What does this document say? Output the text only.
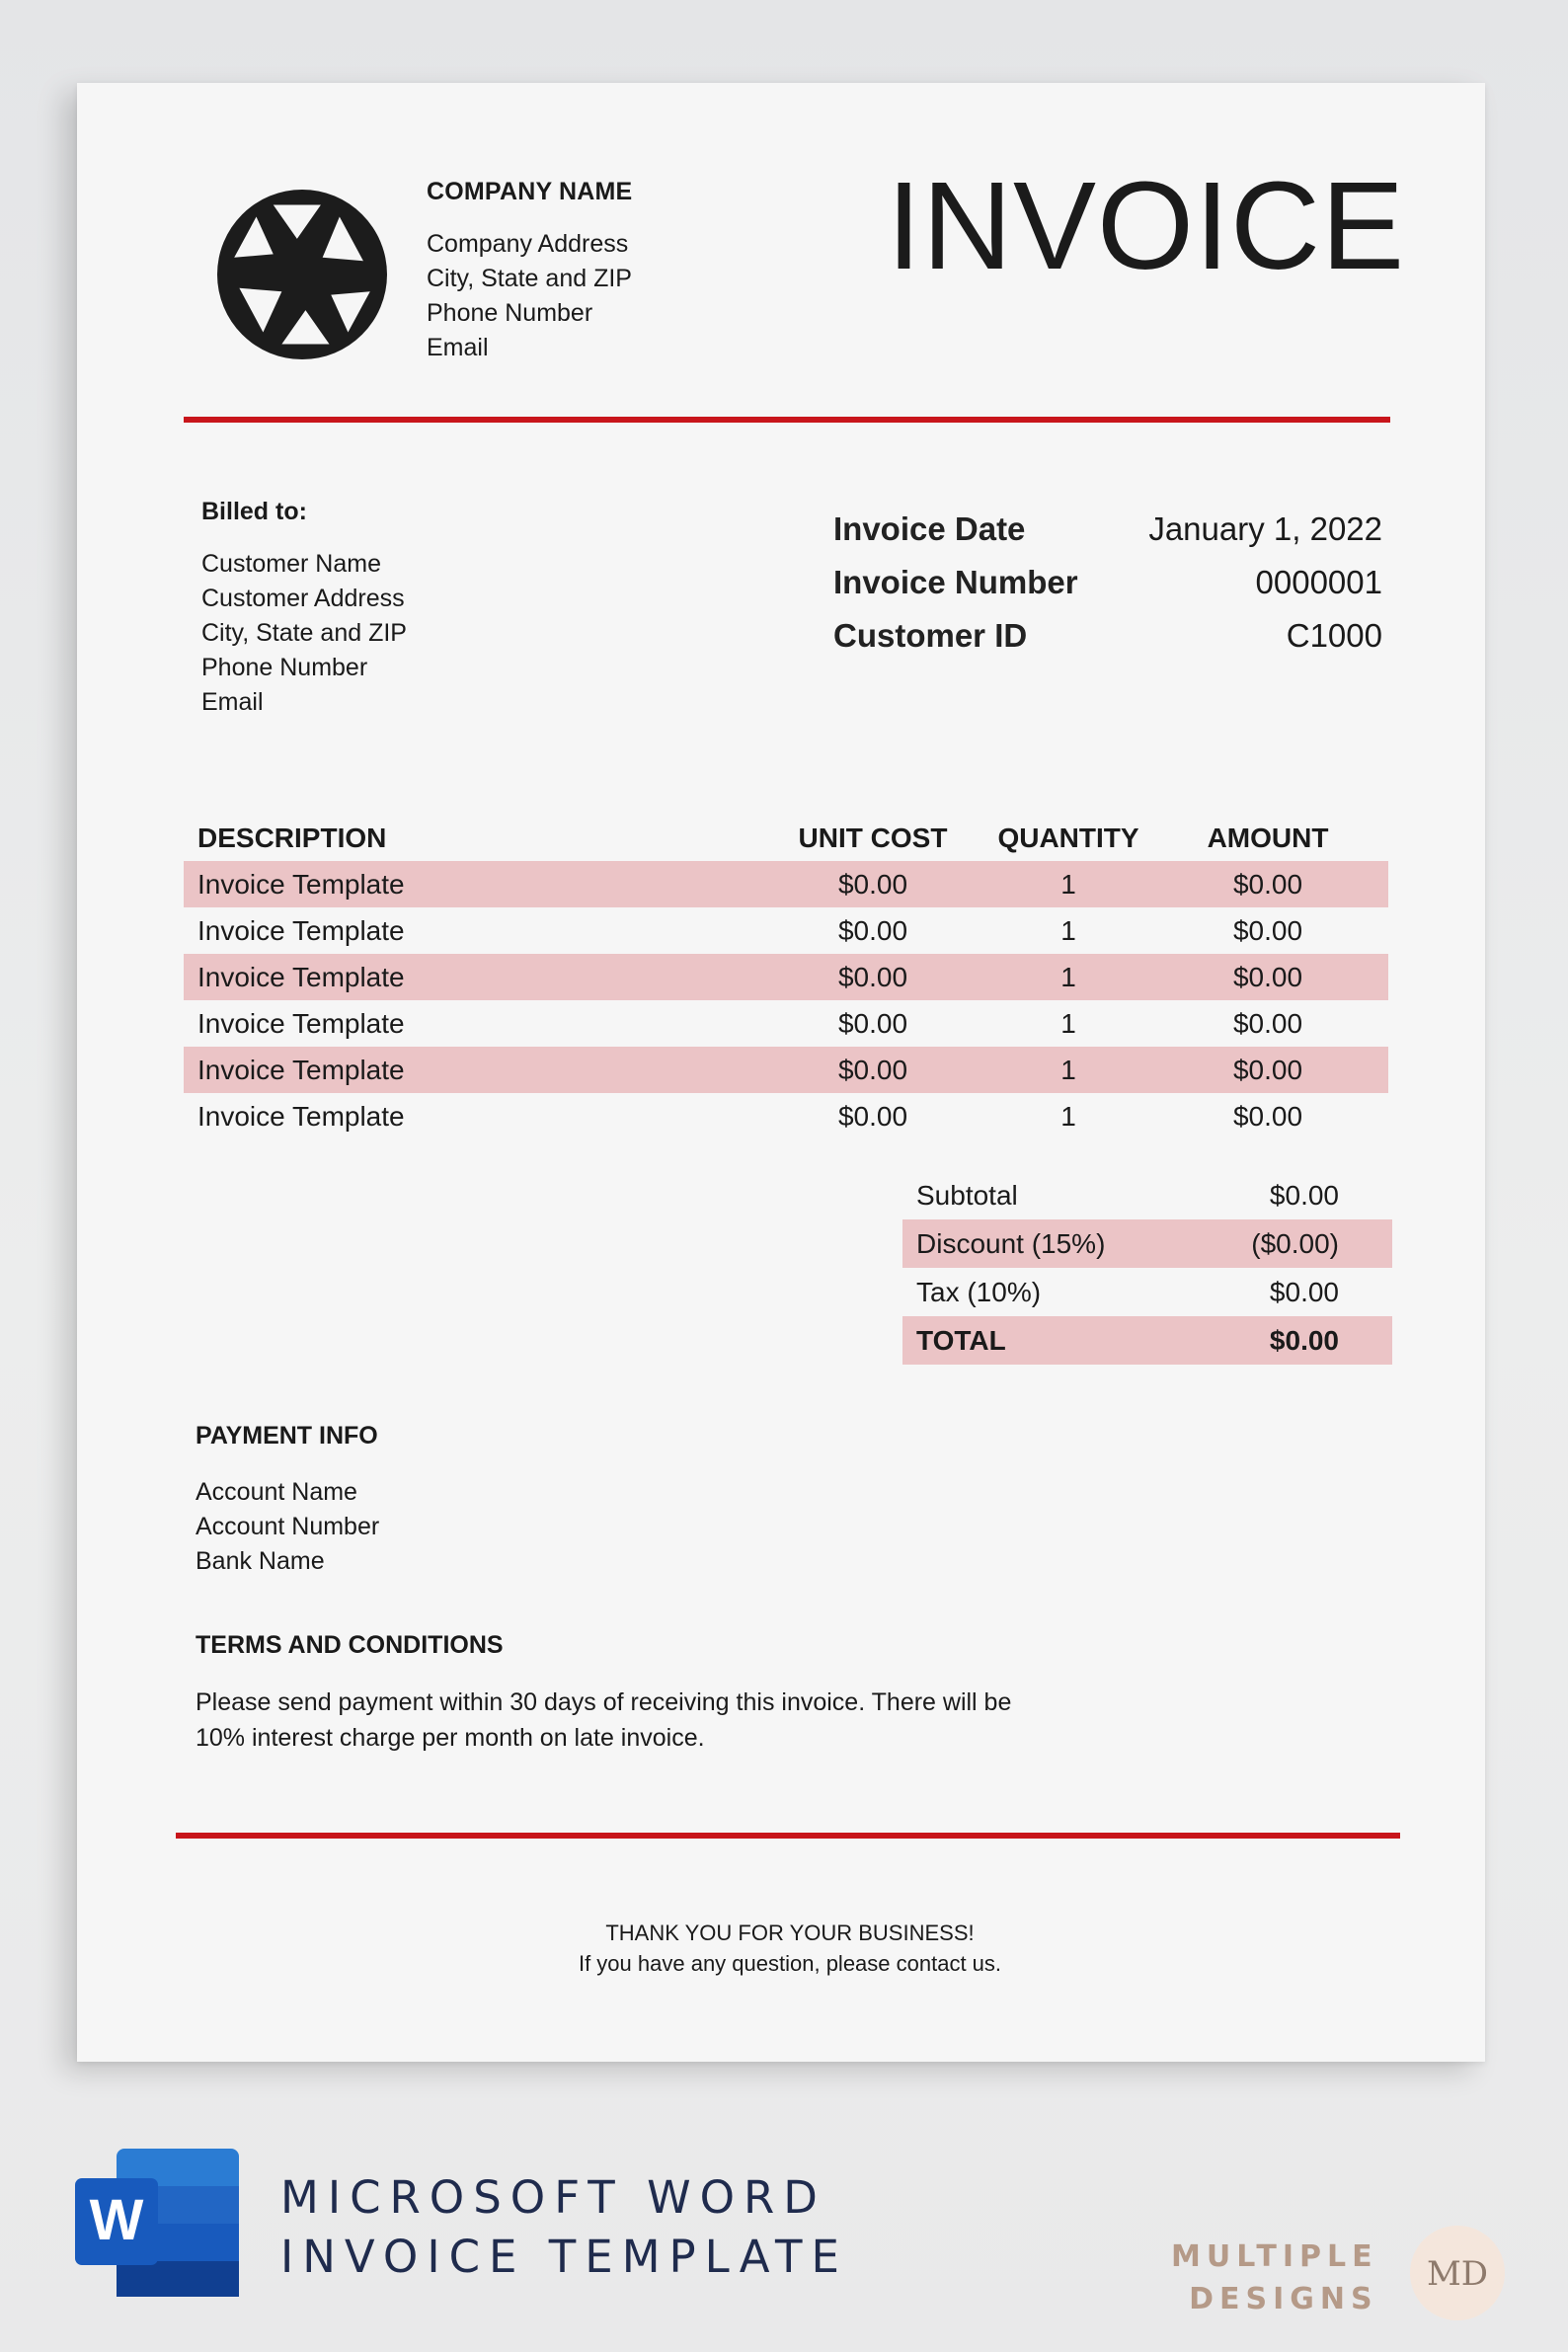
COMPANY NAME
Company Address
City, State and ZIP
Phone Number
Email
INVOICE
Billed to:
Customer Name
Customer Address
City, State and ZIP
Phone Number
Email
Invoice Date	January 1, 2022
Invoice Number	0000001
Customer ID	C1000
DESCRIPTION	UNIT COST	QUANTITY	AMOUNT
Invoice Template	$0.00	1	$0.00
Invoice Template	$0.00	1	$0.00
Invoice Template	$0.00	1	$0.00
Invoice Template	$0.00	1	$0.00
Invoice Template	$0.00	1	$0.00
Invoice Template	$0.00	1	$0.00
Subtotal	$0.00
Discount (15%)	($0.00)
Tax (10%)	$0.00
TOTAL	$0.00
PAYMENT INFO
Account Name
Account Number
Bank Name
TERMS AND CONDITIONS
Please send payment within 30 days of receiving this invoice. There will be
10% interest charge per month on late invoice.
THANK YOU FOR YOUR BUSINESS!
If you have any question, please contact us.
W	MICROSOFT WORD
INVOICE TEMPLATE	MULTIPLE
DESIGNS
MD
